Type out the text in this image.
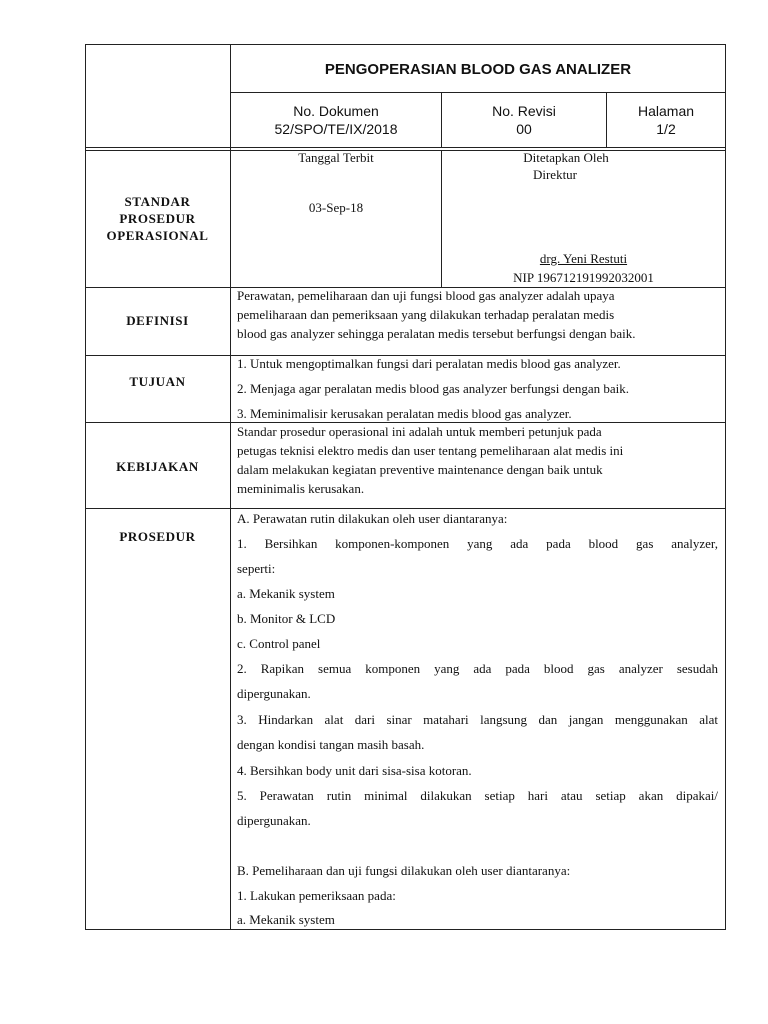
PENGOPERASIAN BLOOD GAS ANALIZER
No. Dokumen
52/SPO/TE/IX/2018
No. Revisi
00
Halaman
1/2
STANDAR
PROSEDUR
OPERASIONAL
Tanggal Terbit
03-Sep-18
Ditetapkan Oleh
Direktur
drg. Yeni Restuti
NIP 196712191992032001
DEFINISI
Perawatan, pemeliharaan dan uji fungsi blood gas analyzer adalah upaya
pemeliharaan dan pemeriksaan yang dilakukan terhadap peralatan medis
blood gas analyzer sehingga peralatan medis tersebut berfungsi dengan baik.
TUJUAN
1. Untuk mengoptimalkan fungsi dari peralatan medis blood gas analyzer.
2. Menjaga agar peralatan medis blood gas analyzer berfungsi dengan baik.
3. Meminimalisir kerusakan peralatan medis blood gas analyzer.
KEBIJAKAN
Standar prosedur operasional ini adalah untuk memberi petunjuk pada
petugas teknisi elektro medis dan user tentang pemeliharaan alat medis ini
dalam melakukan kegiatan preventive maintenance dengan baik untuk
meminimalis kerusakan.
PROSEDUR
A. Perawatan rutin dilakukan oleh user diantaranya:
1. Bersihkan komponen-komponen yang ada pada blood gas analyzer,
seperti:
a. Mekanik system
b. Monitor & LCD
c. Control panel
2. Rapikan semua komponen yang ada pada blood gas analyzer sesudah
dipergunakan.
3. Hindarkan alat dari sinar matahari langsung dan jangan menggunakan alat
dengan kondisi tangan masih basah.
4. Bersihkan body unit dari sisa-sisa kotoran.
5. Perawatan rutin minimal dilakukan setiap hari atau setiap akan dipakai/
dipergunakan.
B. Pemeliharaan dan uji fungsi dilakukan oleh user diantaranya:
1. Lakukan pemeriksaan pada:
a. Mekanik system
